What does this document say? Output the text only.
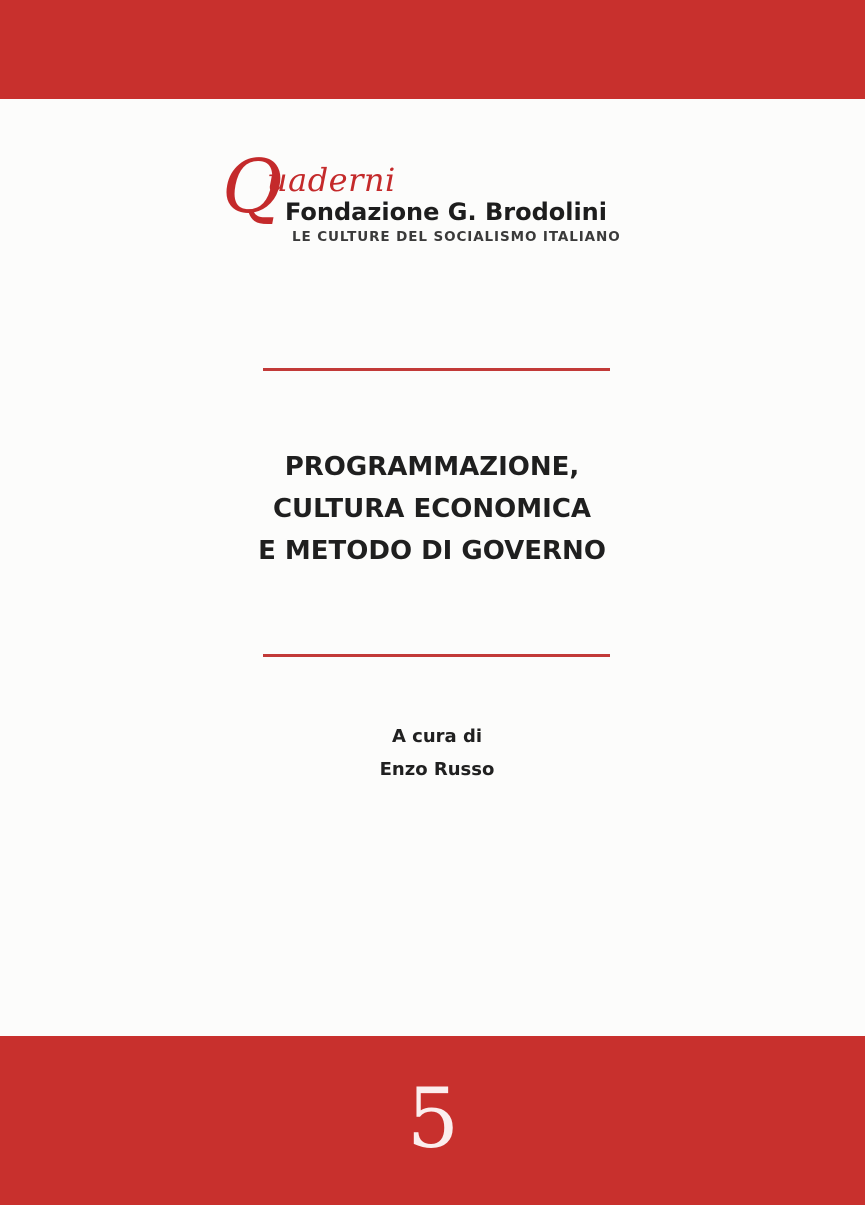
Q
uaderni
Fondazione G. Brodolini
LE CULTURE DEL SOCIALISMO ITALIANO
PROGRAMMAZIONE,
CULTURA ECONOMICA
E METODO DI GOVERNO
A cura di
Enzo Russo
5
